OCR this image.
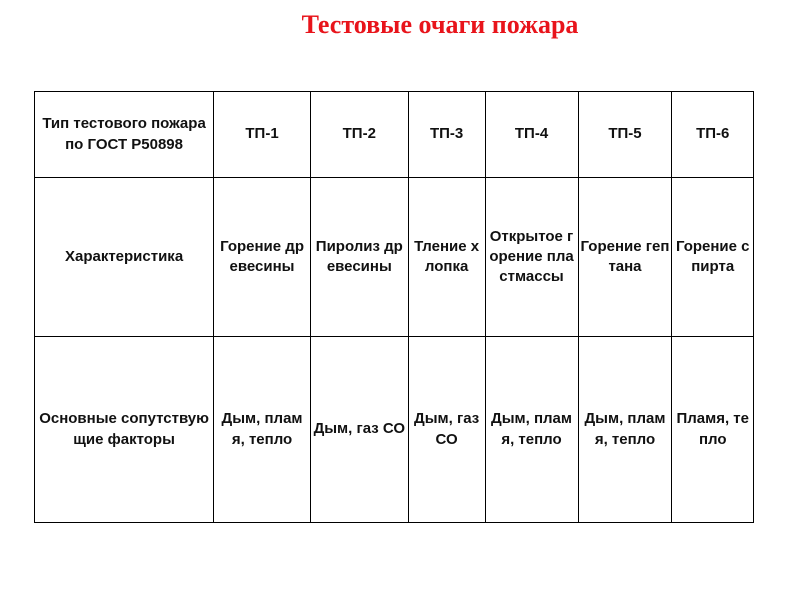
Тестовые очаги пожара
Тип тестового пожара по ГОСТ Р50898	ТП-1	ТП-2	ТП-3	ТП-4	ТП-5	ТП-6
Характеристика	Горение древесины	Пиролиз древесины	Тление хлопка	Открытое горение пластмассы	Горение гептана	Горение спирта
Основные сопутствующие факторы	Дым, пламя, тепло	Дым, газ СО	Дым, газ СО	Дым, пламя, тепло	Дым, пламя, тепло	Пламя, тепло
